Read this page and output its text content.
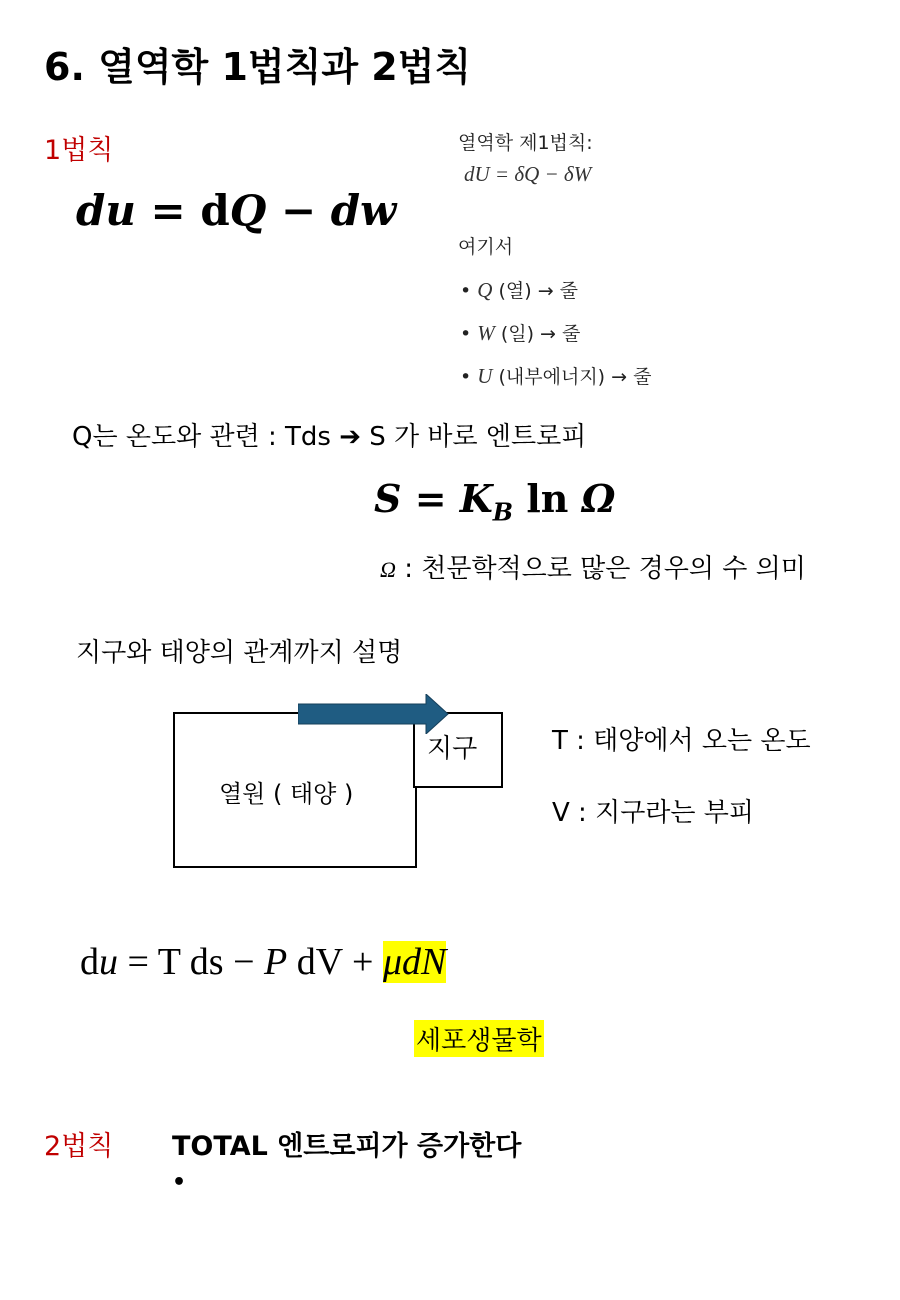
6. 열역학 1법칙과 2법칙
1법칙
du = dQ − dw
열역학 제1법칙:
dU = δQ − δW
여기서
• Q (열) → 줄
• W (일) → 줄
• U (내부에너지) → 줄
Q는 온도와 관련 : Tds ➔ S 가 바로 엔트로피
$S = K_B$ ln Ω
Ω : 천문학적으로 많은 경우의 수 의미
지구와 태양의 관계까지 설명
열원 ( 태양 )
지구	T : 태양에서 오는 온도
V : 지구라는 부피
du = T ds − P dV + μdN
세포생물학
2법칙 TOTAL 엔트로피가 증가한다
•
